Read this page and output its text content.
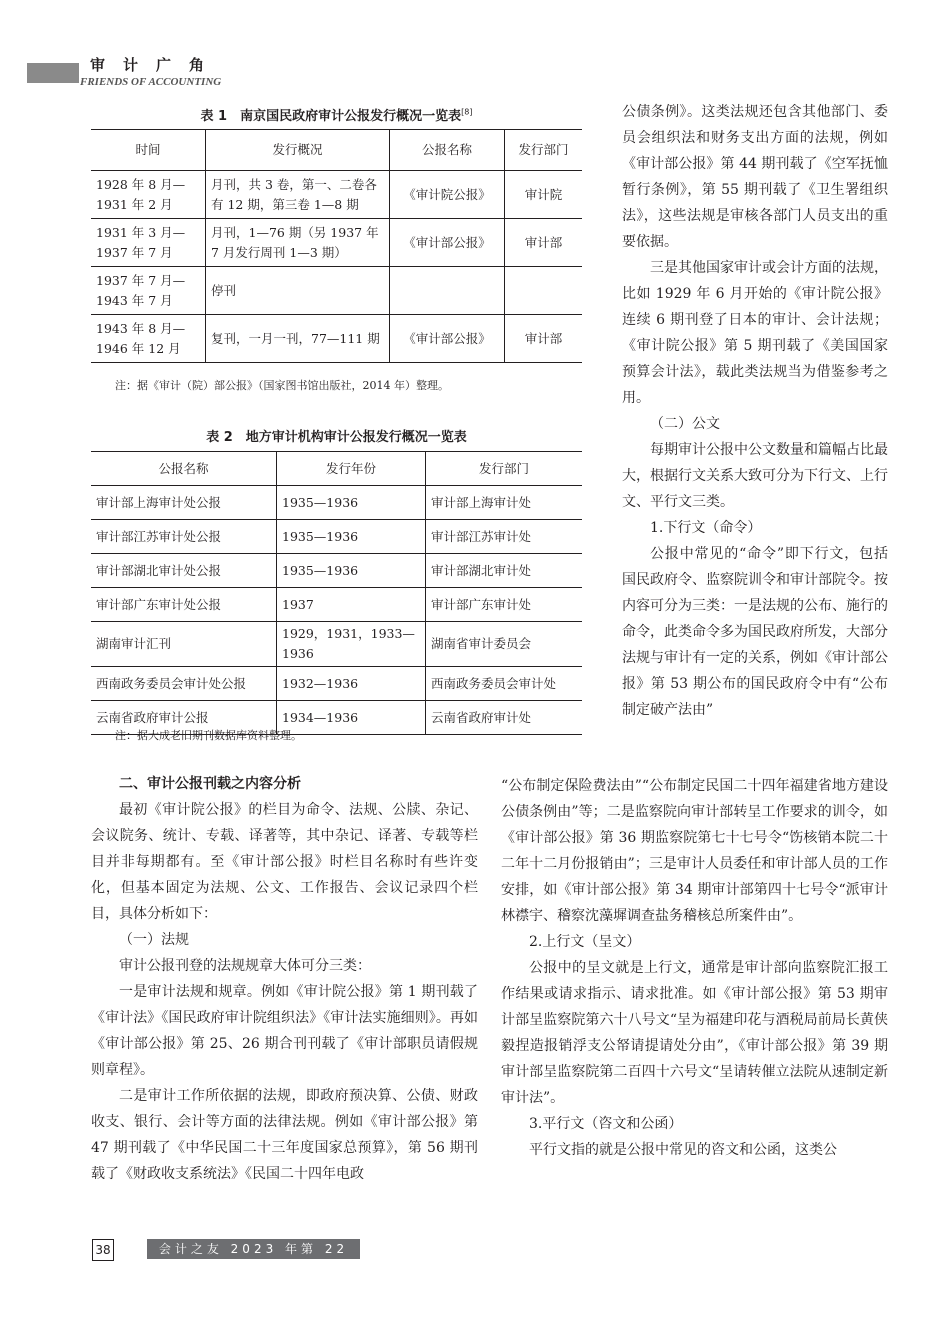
审计广角
FRIENDS OF ACCOUNTING
表 1　南京国民政府审计公报发行概况一览表[8]
时间	发行概况	公报名称	发行部门

1928 年 8 月—
1931 年 2 月	月刊，共 3 卷，第一、二卷各有 12 期，第三卷 1—8 期	《审计院公报》	审计院

1931 年 3 月—
1937 年 7 月	月刊，1—76 期（另 1937 年 7 月发行周刊 1—3 期）	《审计部公报》	审计部

1937 年 7 月—
1943 年 7 月	停刊		

1943 年 8 月—
1946 年 12 月	复刊，一月一刊，77—111 期	《审计部公报》	审计部
注：据《审计（院）部公报》（国家图书馆出版社，2014 年）整理。
表 2　地方审计机构审计公报发行概况一览表
公报名称	发行年份	发行部门
审计部上海审计处公报	1935—1936	审计部上海审计处
审计部江苏审计处公报	1935—1936	审计部江苏审计处
审计部湖北审计处公报	1935—1936	审计部湖北审计处
审计部广东审计处公报	1937	审计部广东审计处
湖南审计汇刊	1929，1931，1933—1936	湖南省审计委员会
西南政务委员会审计处公报	1932—1936	西南政务委员会审计处
云南省政府审计公报	1934—1936	云南省政府审计处
注：据大成老旧期刊数据库资料整理。
公债条例》。这类法规还包含其他部门、委员会组织法和财务支出方面的法规，例如《审计部公报》第 44 期刊载了《空军抚恤暂行条例》，第 55 期刊载了《卫生署组织法》，这些法规是审核各部门人员支出的重要依据。
三是其他国家审计或会计方面的法规，比如 1929 年 6 月开始的《审计院公报》连续 6 期刊登了日本的审计、会计法规；《审计院公报》第 5 期刊载了《美国国家预算会计法》，载此类法规当为借鉴参考之用。
（二）公文
每期审计公报中公文数量和篇幅占比最大，根据行文关系大致可分为下行文、上行文、平行文三类。
1.下行文（命令）
公报中常见的“命令”即下行文，包括国民政府令、监察院训令和审计部院令。按内容可分为三类：一是法规的公布、施行的命令，此类命令多为国民政府所发，大部分法规与审计有一定的关系，例如《审计部公报》第 53 期公布的国民政府令中有“公布制定破产法由”
二、审计公报刊载之内容分析
最初《审计院公报》的栏目为命令、法规、公牍、杂记、会议院务、统计、专载、译著等，其中杂记、译著、专载等栏目并非每期都有。至《审计部公报》时栏目名称时有些许变化，但基本固定为法规、公文、工作报告、会议记录四个栏目，具体分析如下：
（一）法规
审计公报刊登的法规规章大体可分三类：
一是审计法规和规章。例如《审计院公报》第 1 期刊载了《审计法》《国民政府审计院组织法》《审计法实施细则》。再如《审计部公报》第 25、26 期合刊刊载了《审计部职员请假规则章程》。
二是审计工作所依据的法规，即政府预决算、公债、财政收支、银行、会计等方面的法律法规。例如《审计部公报》第 47 期刊载了《中华民国二十三年度国家总预算》，第 56 期刊载了《财政收支系统法》《民国二十四年电政
“公布制定保险费法由”“公布制定民国二十四年福建省地方建设公债条例由”等；二是监察院向审计部转呈工作要求的训令，如《审计部公报》第 36 期监察院第七十七号令“饬核销本院二十二年十二月份报销由”；三是审计人员委任和审计部人员的工作安排，如《审计部公报》第 34 期审计部第四十七号令“派审计林襟宇、稽察沈藻墀调查盐务稽核总所案件由”。
2.上行文（呈文）
公报中的呈文就是上行文，通常是审计部向监察院汇报工作结果或请求指示、请求批准。如《审计部公报》第 53 期审计部呈监察院第六十八号文“呈为福建印花与酒税局前局长黄侠毅捏造报销浮支公帑请提请处分由”，《审计部公报》第 39 期审计部呈监察院第二百四十六号文“呈请转催立法院从速制定新审计法”。
3.平行文（咨文和公函）
平行文指的就是公报中常见的咨文和公函，这类公
38	会计之友 2023 年第 22 期
